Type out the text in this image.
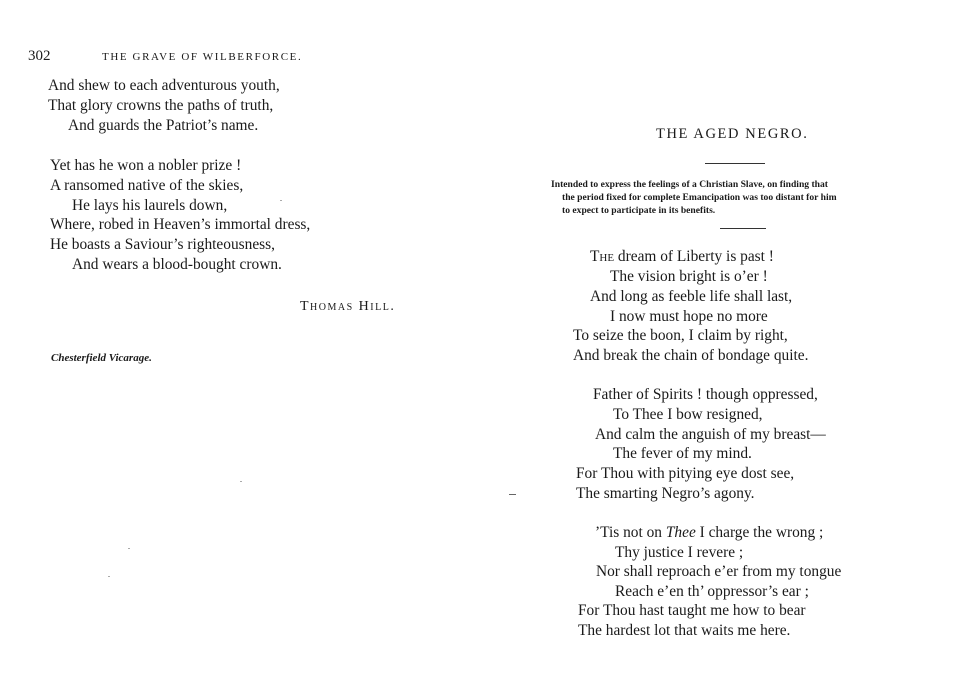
302	THE GRAVE OF WILBERFORCE.
And shew to each adventurous youth,
That glory crowns the paths of truth,
And guards the Patriot’s name.
Yet has he won a nobler prize !
A ransomed native of the skies,
He lays his laurels down,
Where, robed in Heaven’s immortal dress,
He boasts a Saviour’s righteousness,
And wears a blood-bought crown.
Thomas Hill.
Chesterfield Vicarage.
THE AGED NEGRO.
Intended to express the feelings of a Christian Slave, on finding that
the period fixed for complete Emancipation was too distant for him
to expect to participate in its benefits.
The dream of Liberty is past !
The vision bright is o’er !
And long as feeble life shall last,
I now must hope no more
To seize the boon, I claim by right,
And break the chain of bondage quite.
Father of Spirits ! though oppressed,
To Thee I bow resigned,
And calm the anguish of my breast—
The fever of my mind.
For Thou with pitying eye dost see,
The smarting Negro’s agony.
’Tis not on Thee I charge the wrong ;
Thy justice I revere ;
Nor shall reproach e’er from my tongue
Reach e’en th’ oppressor’s ear ;
For Thou hast taught me how to bear
The hardest lot that waits me here.
